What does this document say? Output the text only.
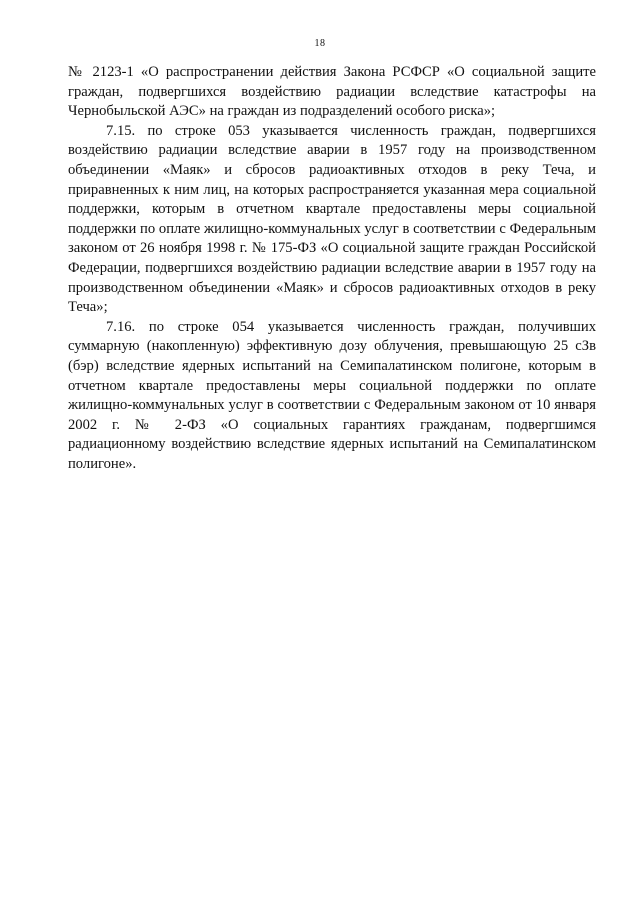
18

№ 2123-1 «О распространении действия Закона РСФСР «О социальной защите граждан, подвергшихся воздействию радиации вследствие катастрофы на Чернобыльской АЭС» на граждан из подразделений особого риска»;

7.15. по строке 053 указывается численность граждан, подвергшихся воздействию радиации вследствие аварии в 1957 году на производственном объединении «Маяк» и сбросов радиоактивных отходов в реку Теча, и приравненных к ним лиц, на которых распространяется указанная мера социальной поддержки, которым в отчетном квартале предоставлены меры социальной поддержки по оплате жилищно-коммунальных услуг в соответствии с Федеральным законом от 26 ноября 1998 г. № 175-ФЗ «О социальной защите граждан Российской Федерации, подвергшихся воздействию радиации вследствие аварии в 1957 году на производственном объединении «Маяк» и сбросов радиоактивных отходов в реку Теча»;

7.16. по строке 054 указывается численность граждан, получивших суммарную (накопленную) эффективную дозу облучения, превышающую 25 сЗв (бэр) вследствие ядерных испытаний на Семипалатинском полигоне, которым в отчетном квартале предоставлены меры социальной поддержки по оплате жилищно-коммунальных услуг в соответствии с Федеральным законом от 10 января 2002 г. № 2-ФЗ «О социальных гарантиях гражданам, подвергшимся радиационному воздействию вследствие ядерных испытаний на Семипалатинском полигоне».
